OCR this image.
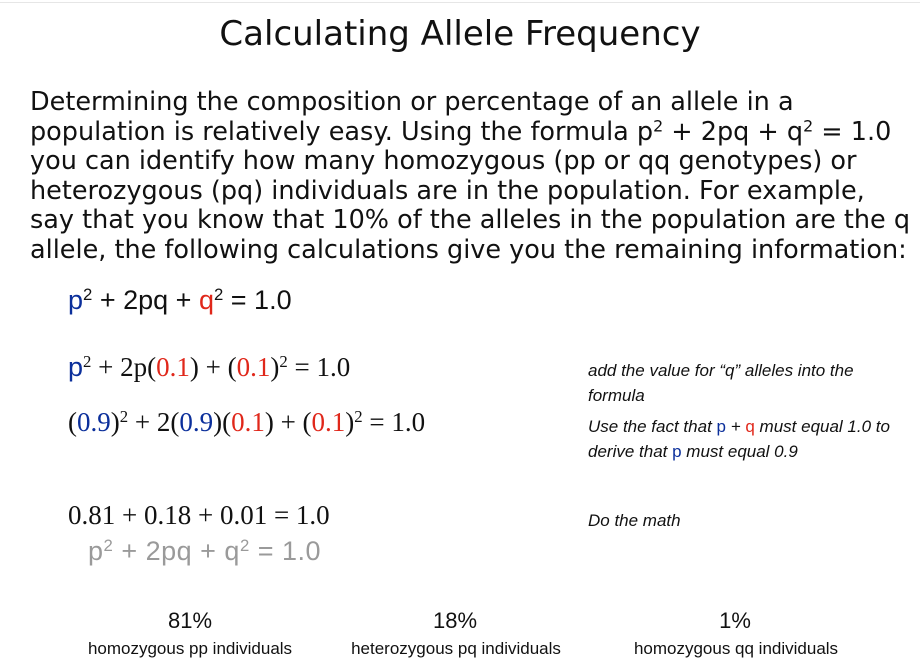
Calculating Allele Frequency
Determining the composition or percentage of an allele in a population is relatively easy. Using the formula $p^2 + 2pq + q^2 = 1.0$ you can identify how many homozygous (pp or qq genotypes) or heterozygous (pq) individuals are in the population. For example, say that you know that 10% of the alleles in the population are the q allele, the following calculations give you the remaining information:
$p^2 + 2pq + q^2 = 1.0$
$p^2 + 2p(0.1) + (0.1)^2 = 1.0$
$(0.9)^2 + 2(0.9)(0.1) + (0.1)^2 = 1.0$
0.81 + 0.18 + 0.01 = 1.0
$p^2 + 2pq + q^2 = 1.0$
add the value for “q” alleles into the formula
Use the fact that p + q must equal 1.0 to derive that p must equal 0.9
Do the math
81%
homozygous pp individuals
18%
heterozygous pq individuals
1%
homozygous qq individuals
